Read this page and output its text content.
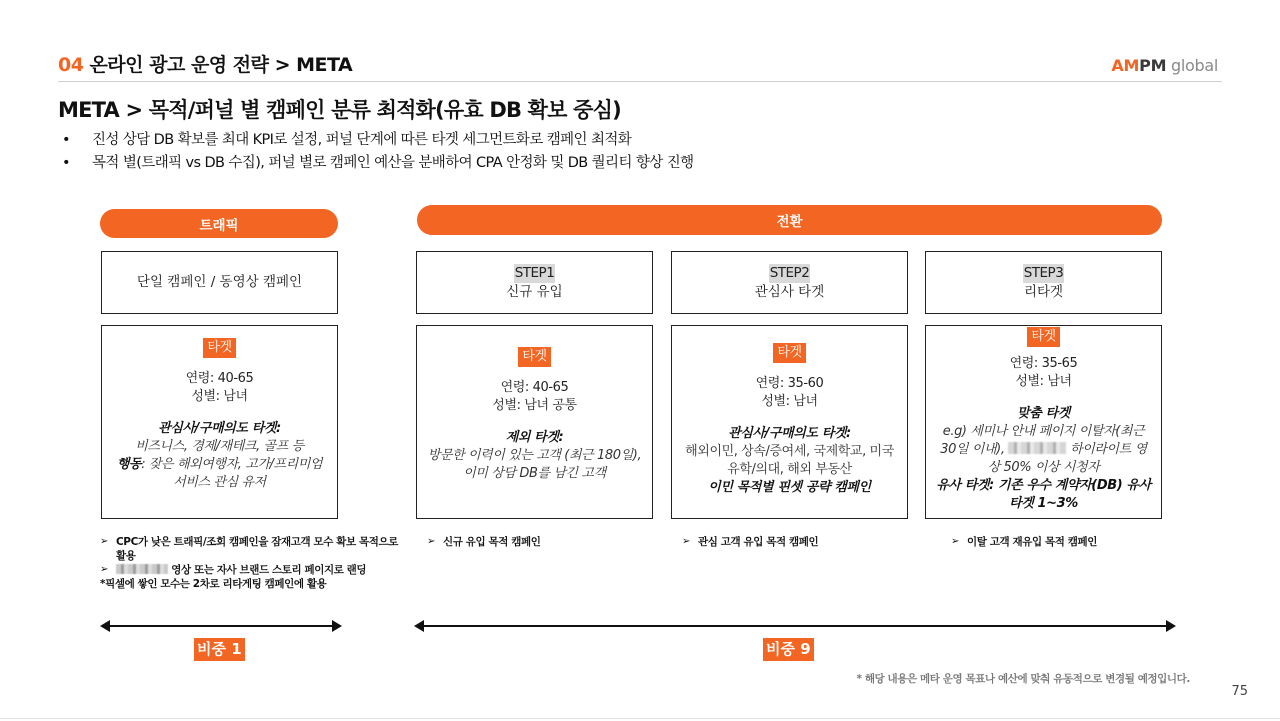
04 온라인 광고 운영 전략 > META	AMPM global
META > 목적/퍼널 별 캠페인 분류 최적화(유효 DB 확보 중심)
• 진성 상담 DB 확보를 최대 KPI로 설정, 퍼널 단계에 따른 타겟 세그먼트화로 캠페인 최적화
• 목적 별(트래픽 vs DB 수집), 퍼널 별로 캠페인 예산을 분배하여 CPA 안정화 및 DB 퀄리티 향상 진행
트래픽	전환
단일 캠페인 / 동영상 캠페인
STEP1
신규 유입
STEP2
관심사 타겟
STEP3
리타겟
타겟
연령: 40-65
성별: 남녀
관심사/구매의도 타겟:
비즈니스, 경제/재테크, 골프 등
행동: 잦은 해외여행자, 고가/프리미엄
서비스 관심 유저
타겟
연령: 40-65
성별: 남녀 공통
제외 타겟:
방문한 이력이 있는 고객 (최근 180일),
이미 상담 DB를 남긴 고객
타겟
연령: 35-60
성별: 남녀
관심사/구매의도 타겟:
해외이민, 상속/증여세, 국제학교, 미국
유학/의대, 해외 부동산
이민 목적별 핀셋 공략 캠페인
타겟
연령: 35-65
성별: 남녀
맞춤 타겟
e.g) 세미나 안내 페이지 이탈자(최근
30일 이내),	하이라이트 영
상 50% 이상 시청자
유사 타겟: 기존 우수 계약자(DB) 유사
타겟 1~3%
➢ CPC가 낮은 트래픽/조회 캠페인을 잠재고객 모수 확보 목적으로 활용
➢ 영상 또는 자사 브랜드 스토리 페이지로 랜딩
*픽셀에 쌓인 모수는 2차로 리타게팅 캠페인에 활용
➢ 신규 유입 목적 캠페인	➢ 관심 고객 유입 목적 캠페인	➢ 이탈 고객 재유입 목적 캠페인
비중 1	비중 9
* 해당 내용은 메타 운영 목표나 예산에 맞춰 유동적으로 변경될 예정입니다.
75
